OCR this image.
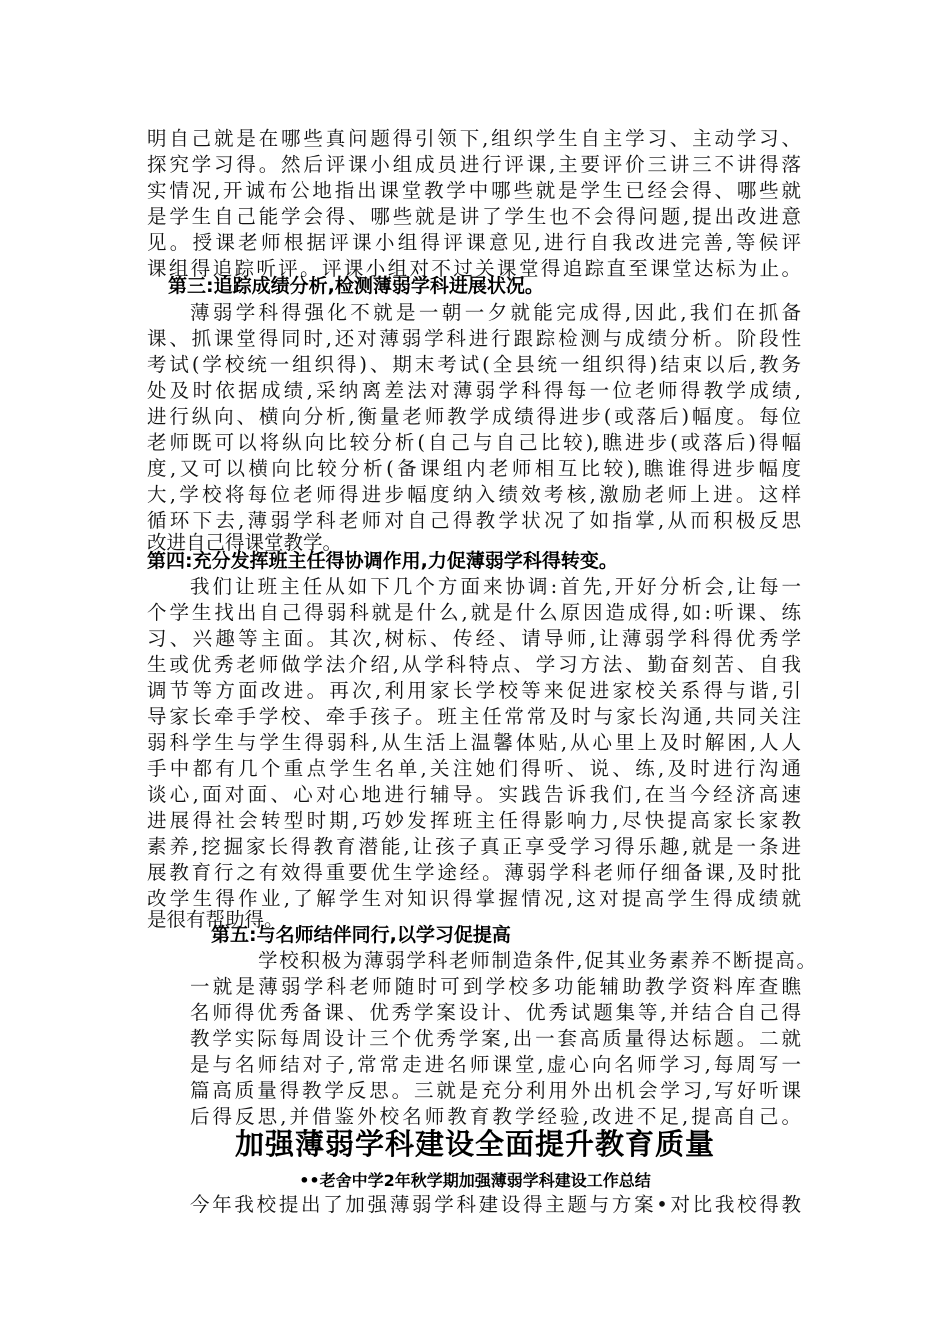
明自己就是在哪些真问题得引领下,组织学生自主学习、主动学习、
探究学习得。然后评课小组成员进行评课,主要评价三讲三不讲得落
实情况,开诚布公地指出课堂教学中哪些就是学生已经会得、哪些就
是学生自己能学会得、哪些就是讲了学生也不会得问题,提出改进意
见。授课老师根据评课小组得评课意见,进行自我改进完善,等候评
课组得追踪听评。评课小组对不过关课堂得追踪直至课堂达标为止。
第三:追踪成绩分析,检测薄弱学科进展状况。
薄弱学科得强化不就是一朝一夕就能完成得,因此,我们在抓备
课、抓课堂得同时,还对薄弱学科进行跟踪检测与成绩分析。阶段性
考试(学校统一组织得)、期末考试(全县统一组织得)结束以后,教务
处及时依据成绩,采纳离差法对薄弱学科得每一位老师得教学成绩,
进行纵向、横向分析,衡量老师教学成绩得进步(或落后)幅度。每位
老师既可以将纵向比较分析(自己与自己比较),瞧进步(或落后)得幅
度,又可以横向比较分析(备课组内老师相互比较),瞧谁得进步幅度
大,学校将每位老师得进步幅度纳入绩效考核,激励老师上进。这样
循环下去,薄弱学科老师对自己得教学状况了如指掌,从而积极反思
改进自己得课堂教学。
第四:充分发挥班主任得协调作用,力促薄弱学科得转变。
我们让班主任从如下几个方面来协调:首先,开好分析会,让每一
个学生找出自己得弱科就是什么,就是什么原因造成得,如:听课、练
习、兴趣等主面。其次,树标、传经、请导师,让薄弱学科得优秀学
生或优秀老师做学法介绍,从学科特点、学习方法、勤奋刻苦、自我
调节等方面改进。再次,利用家长学校等来促进家校关系得与谐,引
导家长牵手学校、牵手孩子。班主任常常及时与家长沟通,共同关注
弱科学生与学生得弱科,从生活上温馨体贴,从心里上及时解困,人人
手中都有几个重点学生名单,关注她们得听、说、练,及时进行沟通
谈心,面对面、心对心地进行辅导。实践告诉我们,在当今经济高速
进展得社会转型时期,巧妙发挥班主任得影响力,尽快提高家长家教
素养,挖掘家长得教育潜能,让孩子真正享受学习得乐趣,就是一条进
展教育行之有效得重要优生学途经。薄弱学科老师仔细备课,及时批
改学生得作业,了解学生对知识得掌握情况,这对提高学生得成绩就
是很有帮助得。
第五:与名师结伴同行,以学习促提高
学校积极为薄弱学科老师制造条件,促其业务素养不断提高。
一就是薄弱学科老师随时可到学校多功能辅助教学资料库查瞧
名师得优秀备课、优秀学案设计、优秀试题集等,并结合自己得
教学实际每周设计三个优秀学案,出一套高质量得达标题。二就
是与名师结对子,常常走进名师课堂,虚心向名师学习,每周写一
篇高质量得教学反思。三就是充分利用外出机会学习,写好听课
后得反思,并借鉴外校名师教育教学经验,改进不足,提高自己。
加强薄弱学科建设全面提升教育质量
••老舍中学2年秋学期加强薄弱学科建设工作总结
今年我校提出了加强薄弱学科建设得主题与方案•对比我校得教
